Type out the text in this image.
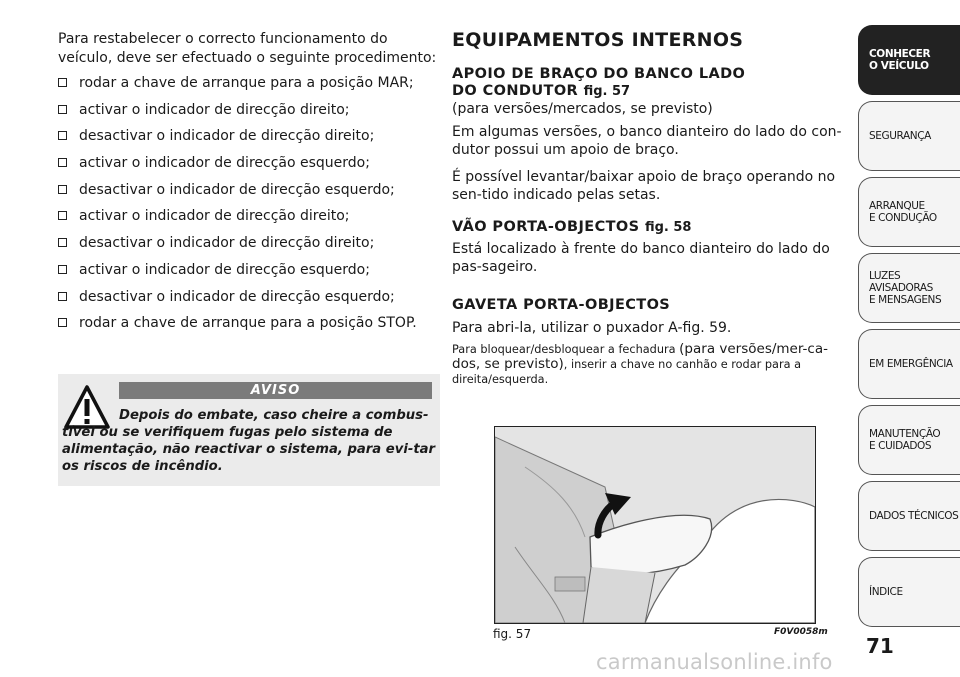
Para restabelecer o correcto funcionamento do veículo, deve ser efectuado o seguinte procedimento:

rodar a chave de arranque para a posição MAR;
activar o indicador de direcção direito;
desactivar o indicador de direcção direito;
activar o indicador de direcção esquerdo;
desactivar o indicador de direcção esquerdo;
activar o indicador de direcção direito;
desactivar o indicador de direcção direito;
activar o indicador de direcção esquerdo;
desactivar o indicador de direcção esquerdo;
rodar a chave de arranque para a posição STOP.
AVISO
Depois do embate, caso cheire a combus-tível ou se verifiquem fugas pelo sistema de alimentação, não reactivar o sistema, para evi-tar os riscos de incêndio.
EQUIPAMENTOS INTERNOS
APOIO DE BRAÇO DO BANCO LADO
DO CONDUTOR fig. 57

(para versões/mercados, se previsto)

Em algumas versões, o banco dianteiro do lado do con-dutor possui um apoio de braço.

É possível levantar/baixar apoio de braço operando no sen-tido indicado pelas setas.

VÃO PORTA-OBJECTOS fig. 58

Está localizado à frente do banco dianteiro do lado do pas-sageiro.

GAVETA PORTA-OBJECTOS

Para abri-la, utilizar o puxador A-fig. 59.

Para bloquear/desbloquear a fechadura (para versões/mer-ca-dos, se previsto), inserir a chave no canhão e rodar para a direita/esquerda.

fig. 57	F0V0058m
71
CONHECER
O VEÍCULO
SEGURANÇA
ARRANQUE
E CONDUÇÃO
LUZES AVISADORAS
E MENSAGENS
EM EMERGÊNCIA
MANUTENÇÃO
E CUIDADOS
DADOS TÉCNICOS
ÍNDICE
carmanualsonline.info
